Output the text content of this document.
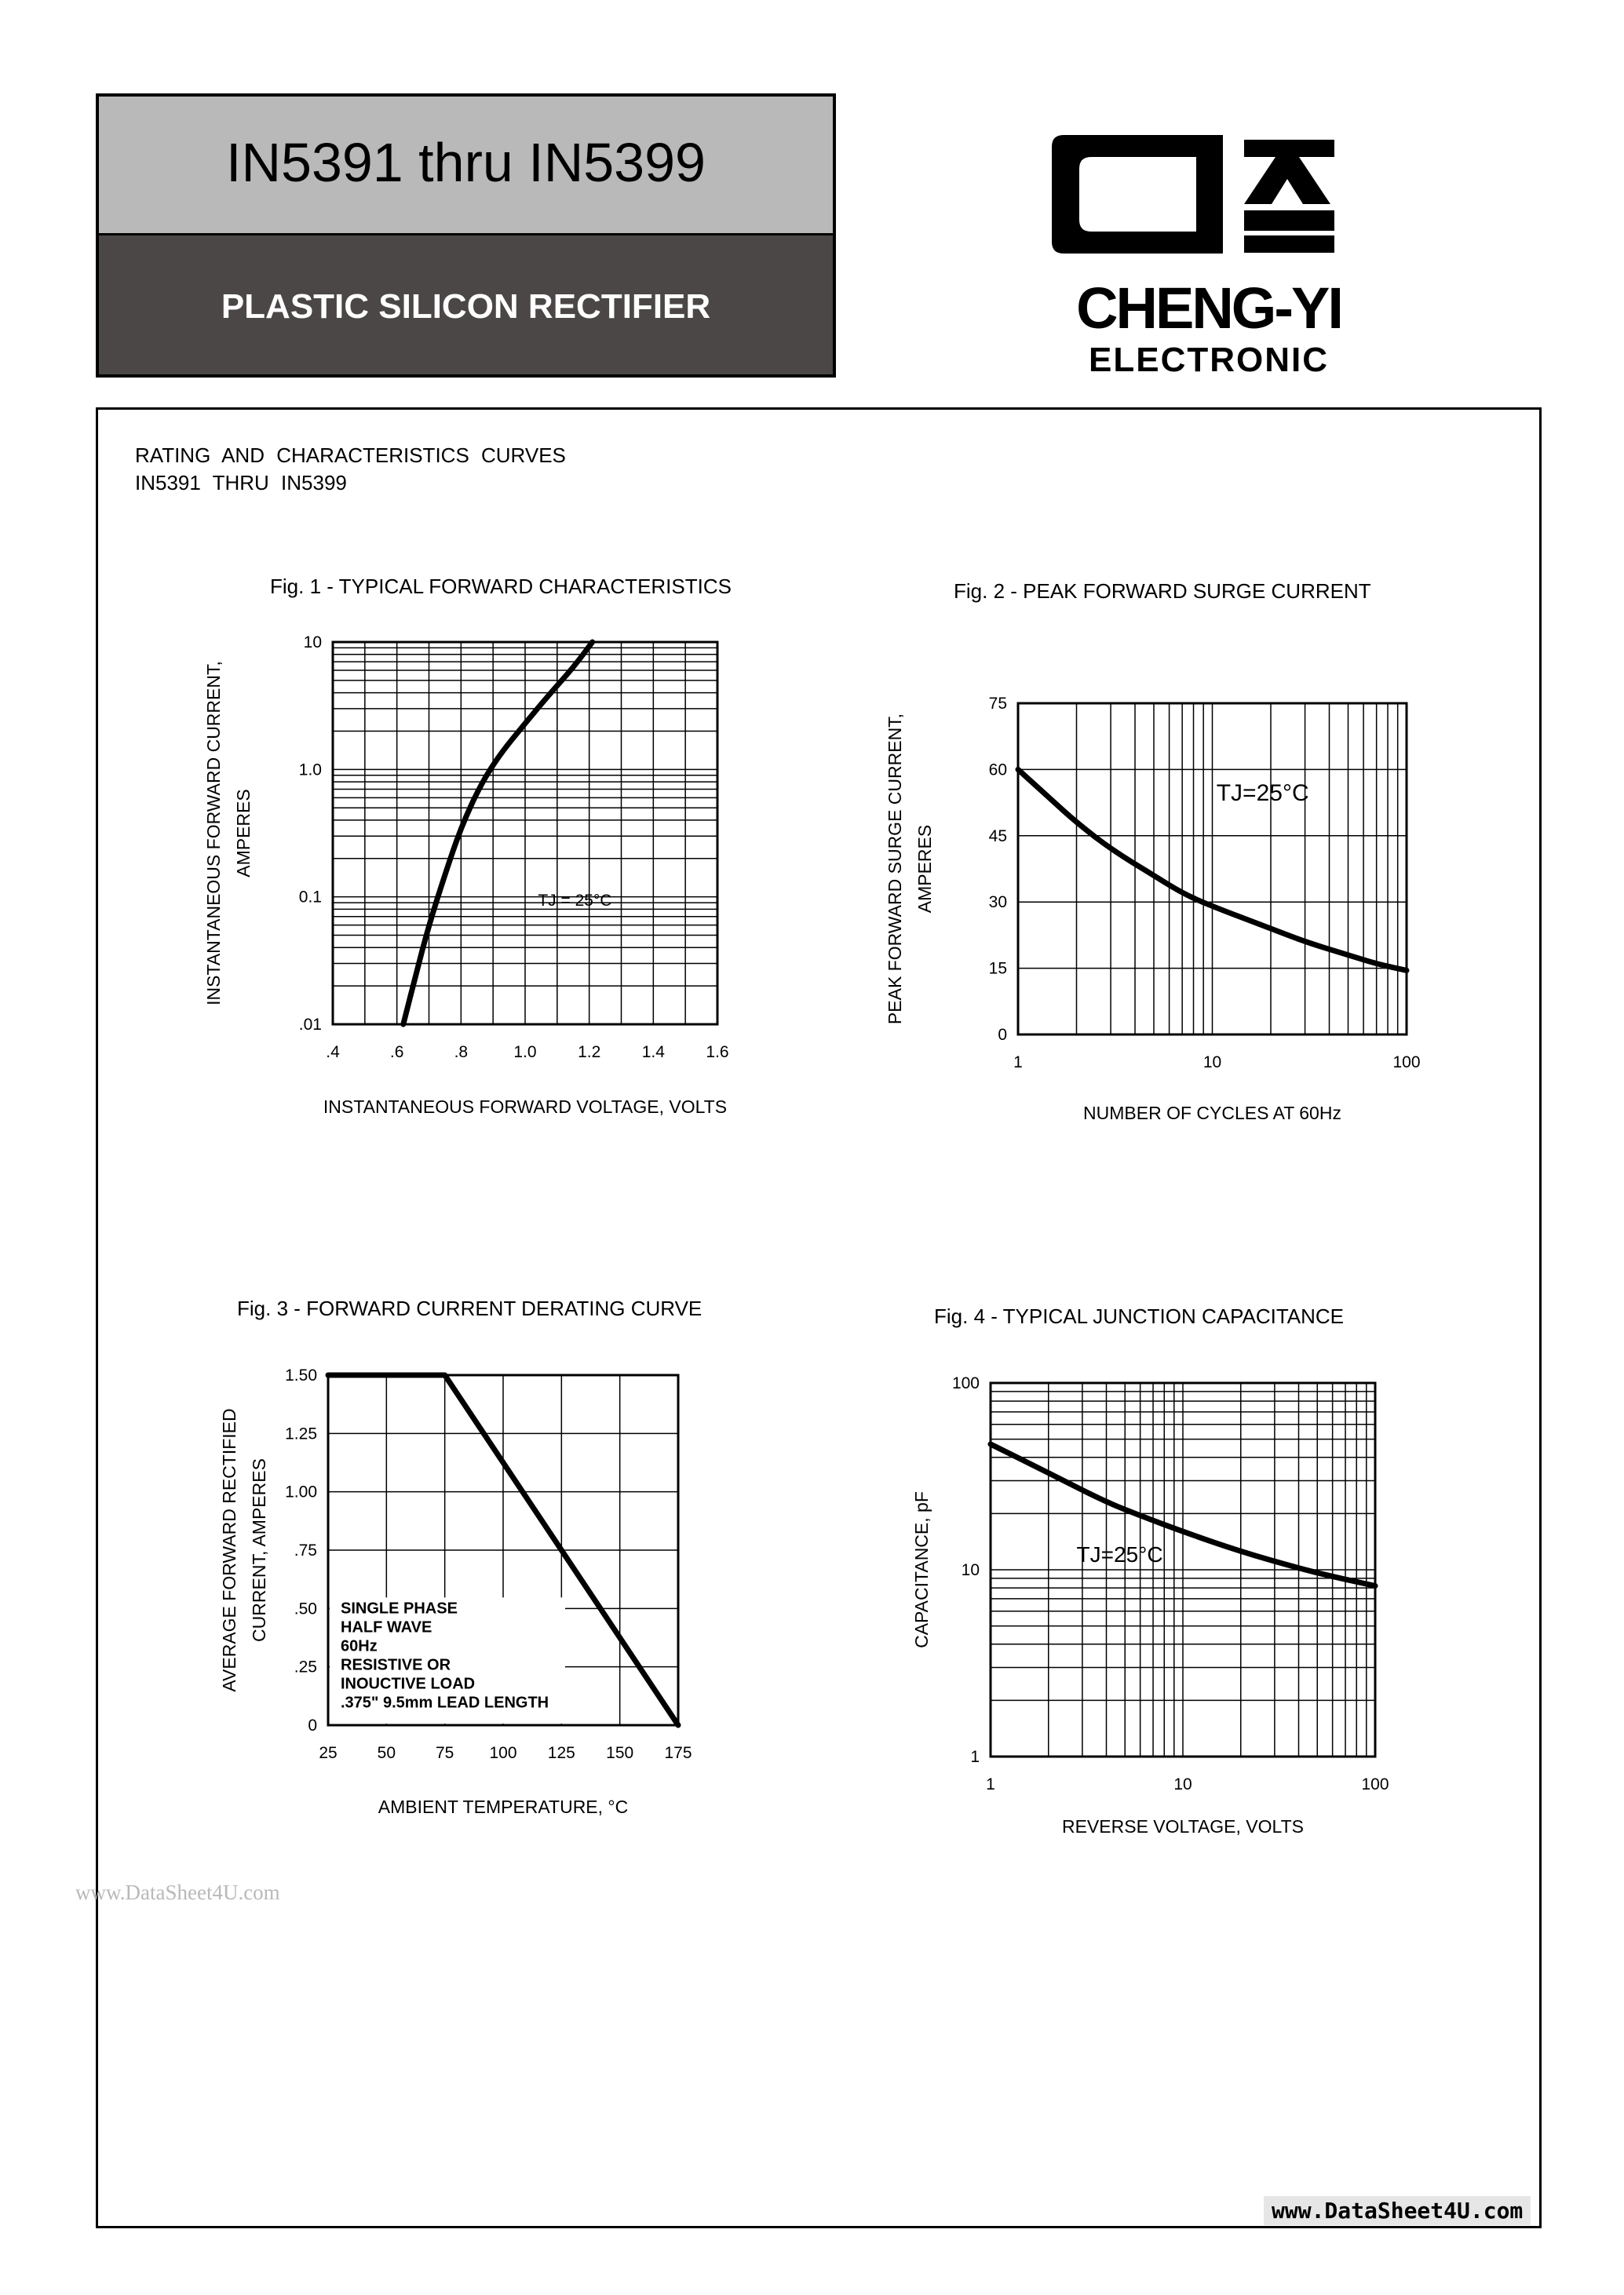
IN5391 thru IN5399
PLASTIC SILICON RECTIFIER	CHENG-YI
ELECTRONIC
RATING AND CHARACTERISTICS CURVES
IN5391 THRU IN5399
Fig. 1 - TYPICAL FORWARD CHARACTERISTICS	Fig. 2 - PEAK FORWARD SURGE CURRENT
Fig. 3 - FORWARD CURRENT DERATING CURVE	Fig. 4 - TYPICAL JUNCTION CAPACITANCE
.4	.6	.8	1.0 1.2 1.4 1.6
10
1.0
0.1
.01
INSTANTANEOUS FORWARD VOLTAGE, VOLTS
INSTANTANEOUS FORWARD CURRENT, AMPERES
TJ = 25°C
1	10	100
75
60
45
30
15
0
NUMBER OF CYCLES AT 60Hz
PEAK FORWARD SURGE CURRENT, AMPERES
TJ=25°C
25 50 75 100 125 150 175
1.50
1.25
1.00
.75
.50
.25
0
AMBIENT TEMPERATURE, °C
AVERAGE FORWARD RECTIFIED CURRENT, AMPERES	SINGLE PHASE
HALF WAVE
60Hz
RESISTIVE OR
INOUCTIVE LOAD
.375" 9.5mm LEAD LENGTH
1	10	100
100
10
1
REVERSE VOLTAGE, VOLTS
CAPACITANCE, pF	TJ=25°C
www.DataSheet4U.com
www.DataSheet4U.com
